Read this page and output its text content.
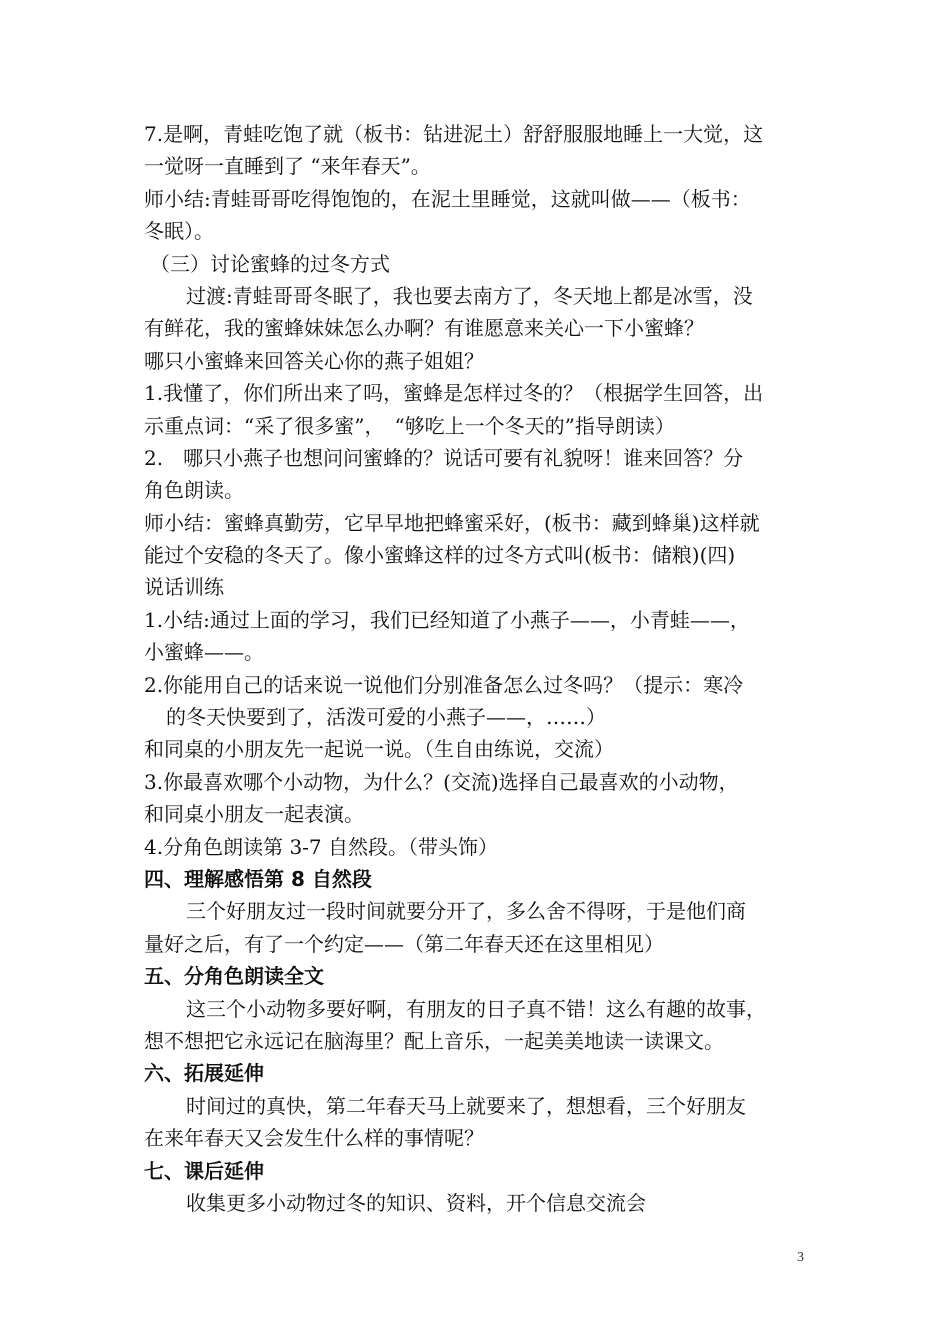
7.是啊，青蛙吃饱了就（板书：钻进泥土）舒舒服服地睡上一大觉，这
一觉呀一直睡到了 “来年春天”。
师小结:青蛙哥哥吃得饱饱的，在泥土里睡觉，这就叫做——（板书：
冬眠）。
（三）讨论蜜蜂的过冬方式
过渡:青蛙哥哥冬眠了，我也要去南方了，冬天地上都是冰雪，没
有鲜花，我的蜜蜂妹妹怎么办啊？有谁愿意来关心一下小蜜蜂？
哪只小蜜蜂来回答关心你的燕子姐姐？
1.我懂了，你们所出来了吗，蜜蜂是怎样过冬的？（根据学生回答，出
示重点词：“采了很多蜜”，　“够吃上一个冬天的”指导朗读）
2.　哪只小燕子也想问问蜜蜂的？说话可要有礼貌呀！谁来回答？分
角色朗读。
师小结：蜜蜂真勤劳，它早早地把蜂蜜采好，(板书：藏到蜂巢)这样就
能过个安稳的冬天了。像小蜜蜂这样的过冬方式叫(板书：储粮)(四)
说话训练
1.小结:通过上面的学习，我们已经知道了小燕子——，小青蛙——，
小蜜蜂——。
2.你能用自己的话来说一说他们分别准备怎么过冬吗？（提示：寒冷
的冬天快要到了，活泼可爱的小燕子——，……）
和同桌的小朋友先一起说一说。（生自由练说，交流）
3.你最喜欢哪个小动物，为什么？(交流)选择自己最喜欢的小动物，
和同桌小朋友一起表演。
4.分角色朗读第 3-7 自然段。（带头饰）
四、理解感悟第 8 自然段
三个好朋友过一段时间就要分开了，多么舍不得呀，于是他们商
量好之后，有了一个约定——（第二年春天还在这里相见）
五、分角色朗读全文
这三个小动物多要好啊，有朋友的日子真不错！这么有趣的故事，
想不想把它永远记在脑海里？配上音乐，一起美美地读一读课文。
六、拓展延伸
时间过的真快，第二年春天马上就要来了，想想看，三个好朋友
在来年春天又会发生什么样的事情呢？
七、课后延伸
收集更多小动物过冬的知识、资料，开个信息交流会
3
